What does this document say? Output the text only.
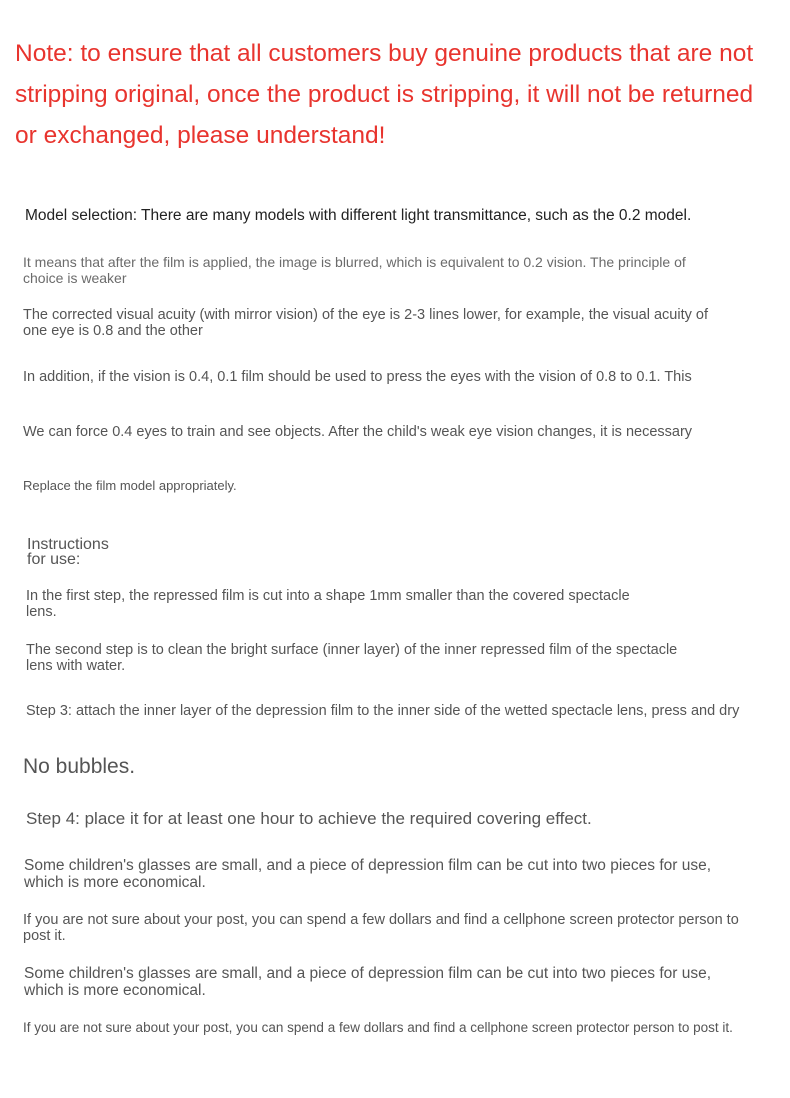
Note: to ensure that all customers buy genuine products that are not stripping original, once the product is stripping, it will not be returned or exchanged, please understand!

Model selection: There are many models with different light transmittance, such as the 0.2 model.

It means that after the film is applied, the image is blurred, which is equivalent to 0.2 vision. The principle of choice is weaker

The corrected visual acuity (with mirror vision) of the eye is 2-3 lines lower, for example, the visual acuity of one eye is 0.8 and the other

In addition, if the vision is 0.4, 0.1 film should be used to press the eyes with the vision of 0.8 to 0.1. This

We can force 0.4 eyes to train and see objects. After the child's weak eye vision changes, it is necessary

Replace the film model appropriately.

Instructions
for use:

In the first step, the repressed film is cut into a shape 1mm smaller than the covered spectacle lens.

The second step is to clean the bright surface (inner layer) of the inner repressed film of the spectacle lens with water.

Step 3: attach the inner layer of the depression film to the inner side of the wetted spectacle lens, press and dry

No bubbles.

Step 4: place it for at least one hour to achieve the required covering effect.

Some children's glasses are small, and a piece of depression film can be cut into two pieces for use, which is more economical.

If you are not sure about your post, you can spend a few dollars and find a cellphone screen protector person to post it.

Some children's glasses are small, and a piece of depression film can be cut into two pieces for use, which is more economical.

If you are not sure about your post, you can spend a few dollars and find a cellphone screen protector person to post it.
